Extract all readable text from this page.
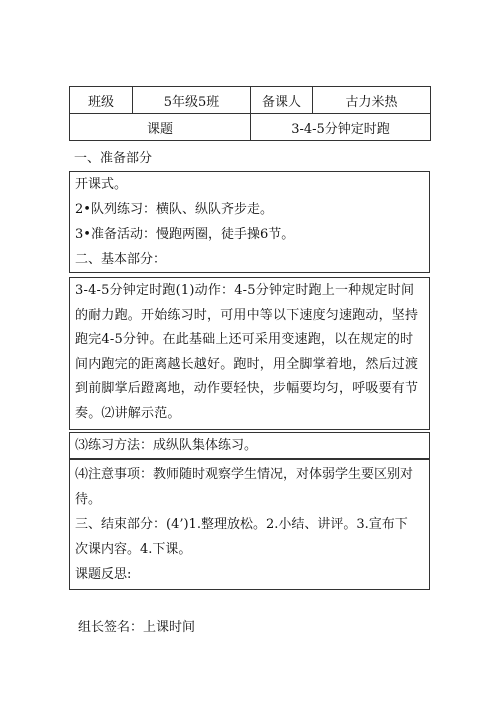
班级	5年级5班	备课人	古力米热
课题		3-4-5分钟定时跑	
一、准备部分
开课式。
2•队列练习：横队、纵队齐步走。
3•准备活动：慢跑两圈，徒手操6节。
二、基本部分：
3-4-5分钟定时跑(1)动作：4-5分钟定时跑上一种规定时间
的耐力跑。开始练习时，可用中等以下速度匀速跑动，坚持
跑完4-5分钟。在此基础上还可采用变速跑，以在规定的时
间内跑完的距离越长越好。跑时，用全脚掌着地，然后过渡
到前脚掌后蹬离地，动作要轻快，步幅要均匀，呼吸要有节
奏。⑵讲解示范。
⑶练习方法：成纵队集体练习。
⑷注意事项：教师随时观察学生情况，对体弱学生要区别对
待。
三、结束部分：(4’)1.整理放松。2.小结、讲评。3.宣布下
次课内容。4.下课。
课题反思:
组长签名：上课时间
